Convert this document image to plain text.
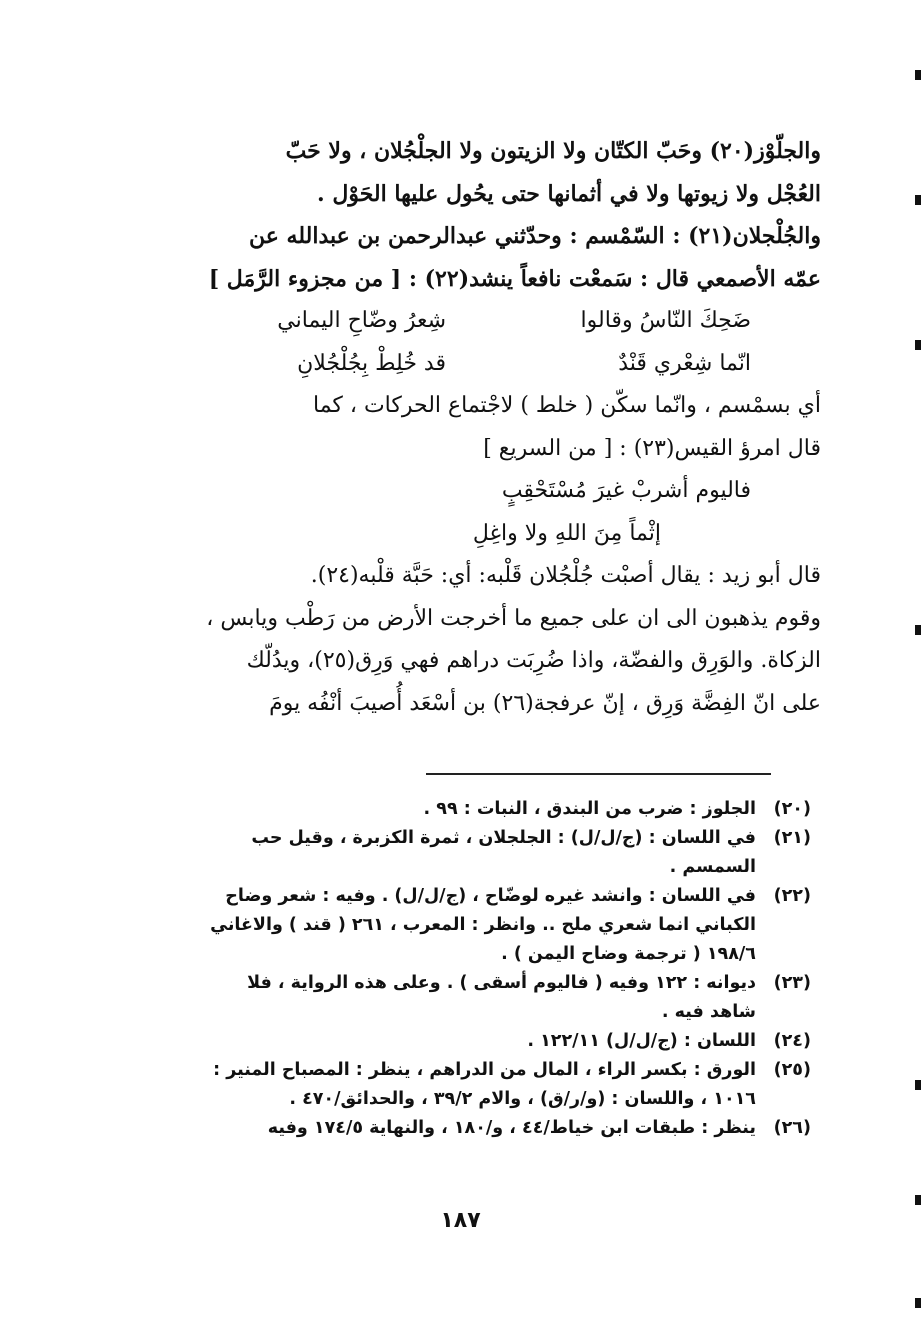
والجلّوْز(٢٠) وحَبّ الكتّان ولا الزيتون ولا الجلْجُلان ، ولا حَبّ
العُجْل ولا زيوتها ولا في أثمانها حتى يحُول عليها الحَوْل .
والجُلْجلان(٢١) : السّمْسم : وحدّثني عبدالرحمن بن عبدالله عن
عمّه الأصمعي قال : سَمعْت نافعاً ينشد(٢٢) : [ من مجزوء الرَّمَل ]
ضَحِكَ النّاسُ وقالواشِعرُ وضّاحِ اليماني
انّما شِعْري قَنْدٌقد خُلِطْ بِجُلْجُلانِ
أي بسمْسم ، وانّما سكّن ( خلط ) لاجْتماع الحركات ، كما
قال امرؤ القيس(٢٣) : [ من السريع ]
فاليوم أشربْ غيرَ مُسْتَحْقِبٍ
إثْماً مِنَ اللهِ ولا واغِلِ
قال أبو زيد : يقال أصبْت جُلْجُلان قَلْبه: أي: حَبَّة قلْبه(٢٤).
وقوم يذهبون الى ان على جميع ما أخرجت الأرض من رَطْب ويابس ،
الزكاة. والوَرِق والفضّة، واذا ضُرِبَت دراهم فهي وَرِق(٢٥)، ويدُلّك
على انّ الفِضَّة وَرِق ، إنّ عرفجة(٢٦) بن أسْعَد أُصيبَ أنْفُه يومَ
(٢٠)
الجلوز : ضرب من البندق ، النبات : ٩٩ .
(٢١)
في اللسان : (ج/ل/ل) : الجلجلان ، ثمرة الكزبرة ، وقيل حب
السمسم .
(٢٢)
في اللسان : وانشد غيره لوضّاح ، (ج/ل/ل) . وفيه : شعر وضاح
الكباني انما شعري ملح .. وانظر : المعرب ، ٢٦١ ( قند ) والاغاني
١٩٨/٦ ( ترجمة وضاح اليمن ) .
(٢٣)
ديوانه : ١٢٢ وفيه ( فاليوم أسقى ) . وعلى هذه الرواية ، فلا
شاهد فيه .
(٢٤)
اللسان : (ج/ل/ل) ١٢٢/١١ .
(٢٥)
الورق : بكسر الراء ، المال من الدراهم ، ينظر : المصباح المنير :
١٠١٦ ، واللسان : (و/ر/ق) ، والام ٣٩/٢ ، والحدائق/٤٧٠ .
(٢٦)
ينظر : طبقات ابن خياط/٤٤ ، و/١٨٠ ، والنهاية ١٧٤/٥ وفيه
١٨٧
